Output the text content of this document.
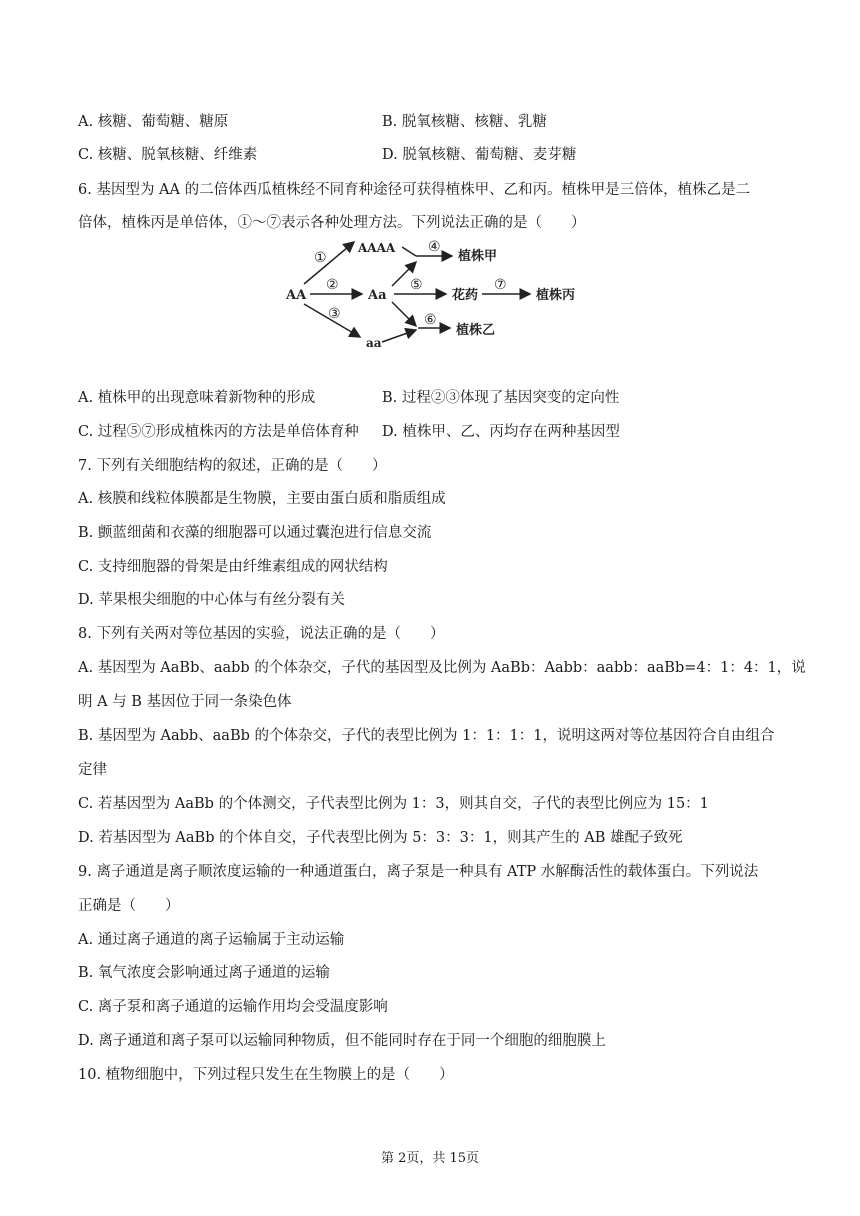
A. 核糖、葡萄糖、糖原	B. 脱氧核糖、核糖、乳糖
C. 核糖、脱氧核糖、纤维素	D. 脱氧核糖、葡萄糖、麦芽糖
6. 基因型为 AA 的二倍体西瓜植株经不同育种途径可获得植株甲、乙和丙。植株甲是三倍体，植株乙是二
倍体，植株丙是单倍体，①～⑦表示各种处理方法。下列说法正确的是（　　）
AA
AAAA
Aa
aa
花药
植株甲
植株丙
植株乙
①
②
③
④
⑤	⑦
⑥
A. 植株甲的出现意味着新物种的形成	B. 过程②③体现了基因突变的定向性
C. 过程⑤⑦形成植株丙的方法是单倍体育种 D. 植株甲、乙、丙均存在两种基因型
7. 下列有关细胞结构的叙述，正确的是（　　）
A. 核膜和线粒体膜都是生物膜，主要由蛋白质和脂质组成
B. 颤蓝细菌和衣藻的细胞器可以通过囊泡进行信息交流
C. 支持细胞器的骨架是由纤维素组成的网状结构
D. 苹果根尖细胞的中心体与有丝分裂有关
8. 下列有关两对等位基因的实验，说法正确的是（　　）
A. 基因型为 AaBb、aabb 的个体杂交，子代的基因型及比例为 AaBb：Aabb：aabb：aaBb=4：1：4：1，说
明 A 与 B 基因位于同一条染色体
B. 基因型为 Aabb、aaBb 的个体杂交，子代的表型比例为 1：1：1：1，说明这两对等位基因符合自由组合
定律
C. 若基因型为 AaBb 的个体测交，子代表型比例为 1：3，则其自交，子代的表型比例应为 15：1
D. 若基因型为 AaBb 的个体自交，子代表型比例为 5：3：3：1，则其产生的 AB 雄配子致死
9. 离子通道是离子顺浓度运输的一种通道蛋白，离子泵是一种具有 ATP 水解酶活性的载体蛋白。下列说法
正确是（　　）
A. 通过离子通道的离子运输属于主动运输
B. 氧气浓度会影响通过离子通道的运输
C. 离子泵和离子通道的运输作用均会受温度影响
D. 离子通道和离子泵可以运输同种物质，但不能同时存在于同一个细胞的细胞膜上
10. 植物细胞中，下列过程只发生在生物膜上的是（　　）
第 2页，共 15页
